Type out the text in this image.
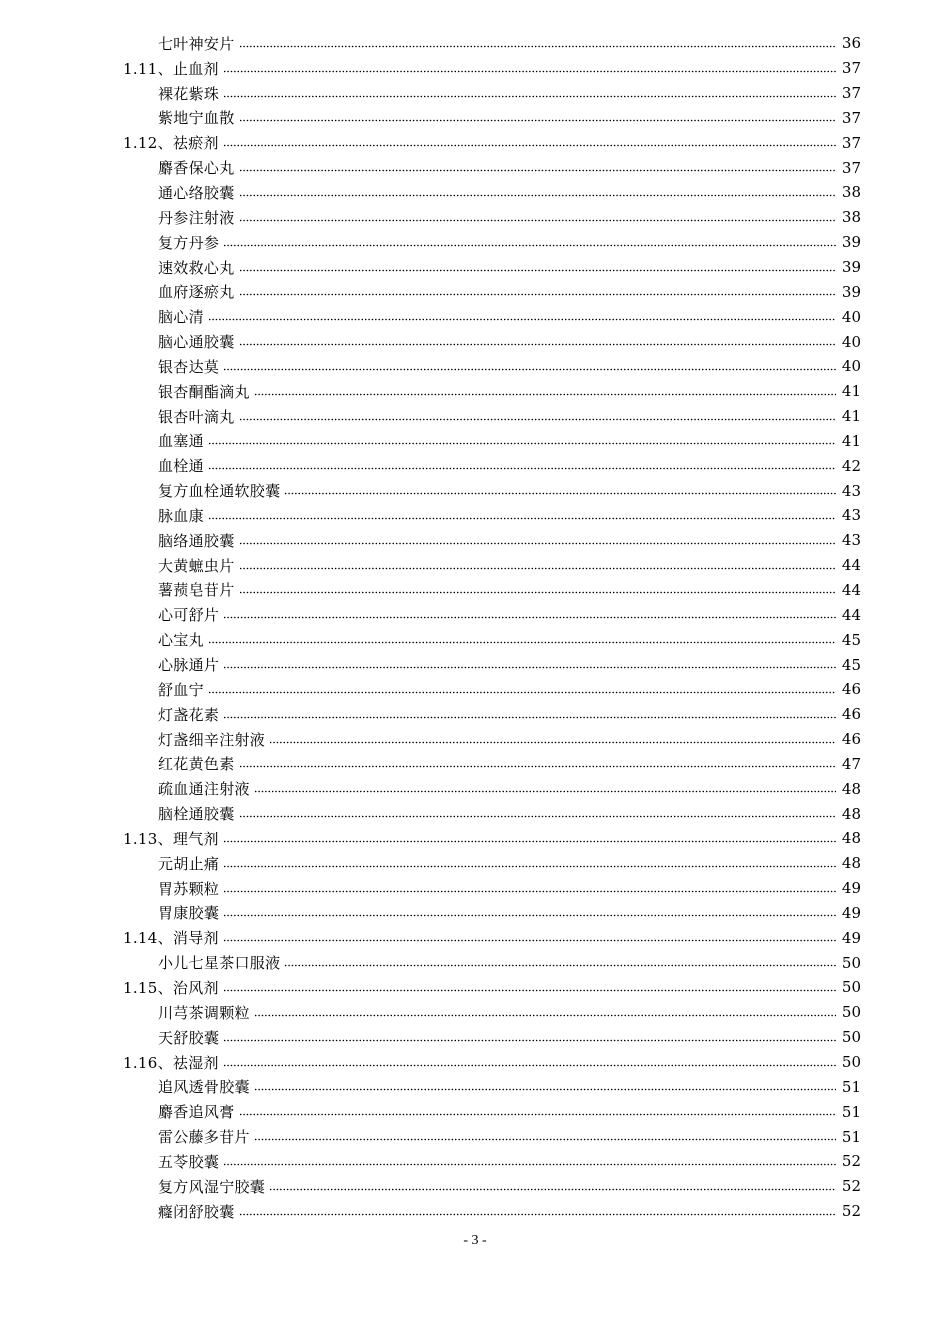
七叶神安片	36
1.11、止血剂	37
裸花紫珠	37
紫地宁血散	37
1.12、祛瘀剂	37
麝香保心丸	37
通心络胶囊	38
丹参注射液	38
复方丹参	39
速效救心丸	39
血府逐瘀丸	39
脑心清	40
脑心通胶囊	40
银杏达莫	40
银杏酮酯滴丸	41
银杏叶滴丸	41
血塞通	41
血栓通	42
复方血栓通软胶囊	43
脉血康	43
脑络通胶囊	43
大黄蟅虫片	44
薯蓣皂苷片	44
心可舒片	44
心宝丸	45
心脉通片	45
舒血宁	46
灯盏花素	46
灯盏细辛注射液	46
红花黄色素	47
疏血通注射液	48
脑栓通胶囊	48
1.13、理气剂	48
元胡止痛	48
胃苏颗粒	49
胃康胶囊	49
1.14、消导剂	49
小儿七星茶口服液	50
1.15、治风剂	50
川芎茶调颗粒	50
天舒胶囊	50
1.16、祛湿剂	50
追风透骨胶囊	51
麝香追风膏	51
雷公藤多苷片	51
五苓胶囊	52
复方风湿宁胶囊	52
癃闭舒胶囊	52
- 3 -
